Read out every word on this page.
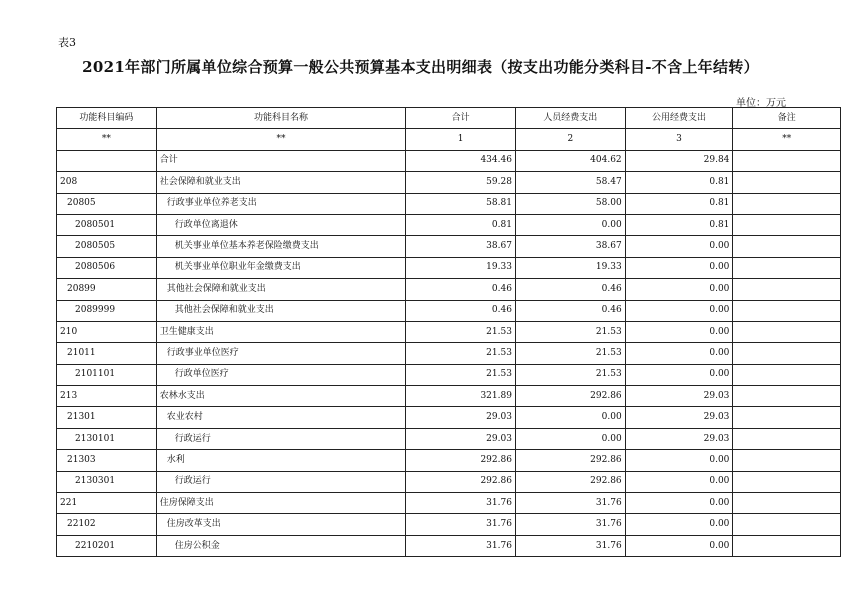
表3
2021年部门所属单位综合预算一般公共预算基本支出明细表（按支出功能分类科目-不含上年结转）
单位：万元
功能科目编码	功能科目名称	合计	人员经费支出	公用经费支出	备注
**	**	1	2	3	**
	合计	434.46	404.62	29.84	
208	社会保障和就业支出	59.28	58.47	0.81	
20805	行政事业单位养老支出	58.81	58.00	0.81	
2080501	行政单位离退休	0.81	0.00	0.81	
2080505	机关事业单位基本养老保险缴费支出	38.67	38.67	0.00	
2080506	机关事业单位职业年金缴费支出	19.33	19.33	0.00	
20899	其他社会保障和就业支出	0.46	0.46	0.00	
2089999	其他社会保障和就业支出	0.46	0.46	0.00	
210	卫生健康支出	21.53	21.53	0.00	
21011	行政事业单位医疗	21.53	21.53	0.00	
2101101	行政单位医疗	21.53	21.53	0.00	
213	农林水支出	321.89	292.86	29.03	
21301	农业农村	29.03	0.00	29.03	
2130101	行政运行	29.03	0.00	29.03	
21303	水利	292.86	292.86	0.00	
2130301	行政运行	292.86	292.86	0.00	
221	住房保障支出	31.76	31.76	0.00	
22102	住房改革支出	31.76	31.76	0.00	
2210201	住房公积金	31.76	31.76	0.00	
